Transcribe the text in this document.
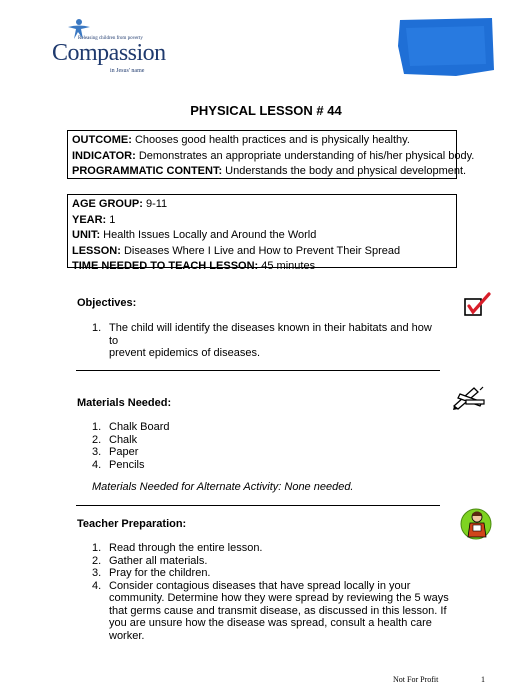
Releasing children from poverty
Compassion
in Jesus' name
PHYSICAL LESSON # 44
OUTCOME: Chooses good health practices and is physically healthy.
INDICATOR: Demonstrates an appropriate understanding of his/her physical body.
PROGRAMMATIC CONTENT: Understands the body and physical development.
AGE GROUP: 9-11
YEAR: 1
UNIT: Health Issues Locally and Around the World
LESSON: Diseases Where I Live and How to Prevent Their Spread
TIME NEEDED TO TEACH LESSON: 45 minutes
Objectives:
1. The child will identify the diseases known in their habitats and how to
prevent epidemics of diseases.
Materials Needed:
1. Chalk Board
2. Chalk
3. Paper
4. Pencils
Materials Needed for Alternate Activity: None needed.
Teacher Preparation:
1. Read through the entire lesson.
2. Gather all materials.
3. Pray for the children.
4. Consider contagious diseases that have spread locally in your
community. Determine how they were spread by reviewing the 5 ways
that germs cause and transmit disease, as discussed in this lesson. If
you are unsure how the disease was spread, consult a health care
worker.
Not For Profit	1
